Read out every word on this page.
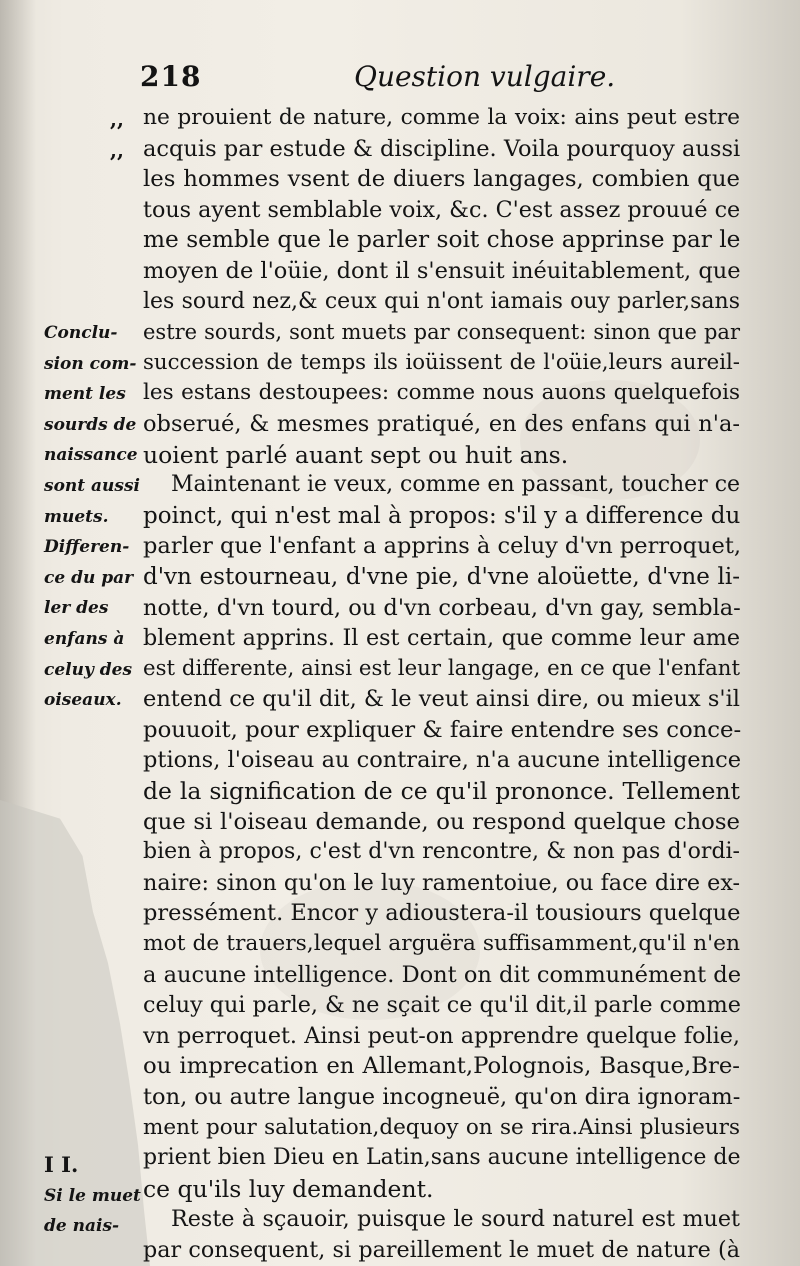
218	Question vulgaire.
,,
,,
ne prouient de nature, comme la voix: ains peut estre
acquis par estude & discipline. Voila pourquoy aussi
les hommes vsent de diuers langages, combien que
tous ayent semblable voix, &c. C'est assez prouué ce
me semble que le parler soit chose apprinse par le
moyen de l'oüie, dont il s'ensuit inéuitablement, que
les sourd nez,& ceux qui n'ont iamais ouy parler,sans
estre sourds, sont muets par consequent: sinon que par
succession de temps ils ioüissent de l'oüie,leurs aureil-
les estans destoupees: comme nous auons quelquefois
obserué, & mesmes pratiqué, en des enfans qui n'a-
uoient parlé auant sept ou huit ans.
Maintenant ie veux, comme en passant, toucher ce
poinct, qui n'est mal à propos: s'il y a difference du
parler que l'enfant a apprins à celuy d'vn perroquet,
d'vn estourneau, d'vne pie, d'vne aloüette, d'vne li-
notte, d'vn tourd, ou d'vn corbeau, d'vn gay, sembla-
blement apprins. Il est certain, que comme leur ame
est differente, ainsi est leur langage, en ce que l'enfant
entend ce qu'il dit, & le veut ainsi dire, ou mieux s'il
pouuoit, pour expliquer & faire entendre ses conce-
ptions, l'oiseau au contraire, n'a aucune intelligence
de la signification de ce qu'il prononce. Tellement
que si l'oiseau demande, ou respond quelque chose
bien à propos, c'est d'vn rencontre, & non pas d'ordi-
naire: sinon qu'on le luy ramentoiue, ou face dire ex-
pressément. Encor y adioustera-il tousiours quelque
mot de trauers,lequel arguëra suffisamment,qu'il n'en
a aucune intelligence. Dont on dit communément de
celuy qui parle, & ne sçait ce qu'il dit,il parle comme
vn perroquet. Ainsi peut-on apprendre quelque folie,
ou imprecation en Allemant,Polognois, Basque,Bre-
ton, ou autre langue incogneuë, qu'on dira ignoram-
ment pour salutation,dequoy on se rira.Ainsi plusieurs
prient bien Dieu en Latin,sans aucune intelligence de
ce qu'ils luy demandent.
Reste à sçauoir, puisque le sourd naturel est muet
par consequent, si pareillement le muet de nature (à
Conclu-
sion com-
ment les
sourds de
naissance
sont aussi
muets.
Differen-
ce du par
ler des
enfans à
celuy des
oiseaux.
I I.
Si le muet
de nais-
